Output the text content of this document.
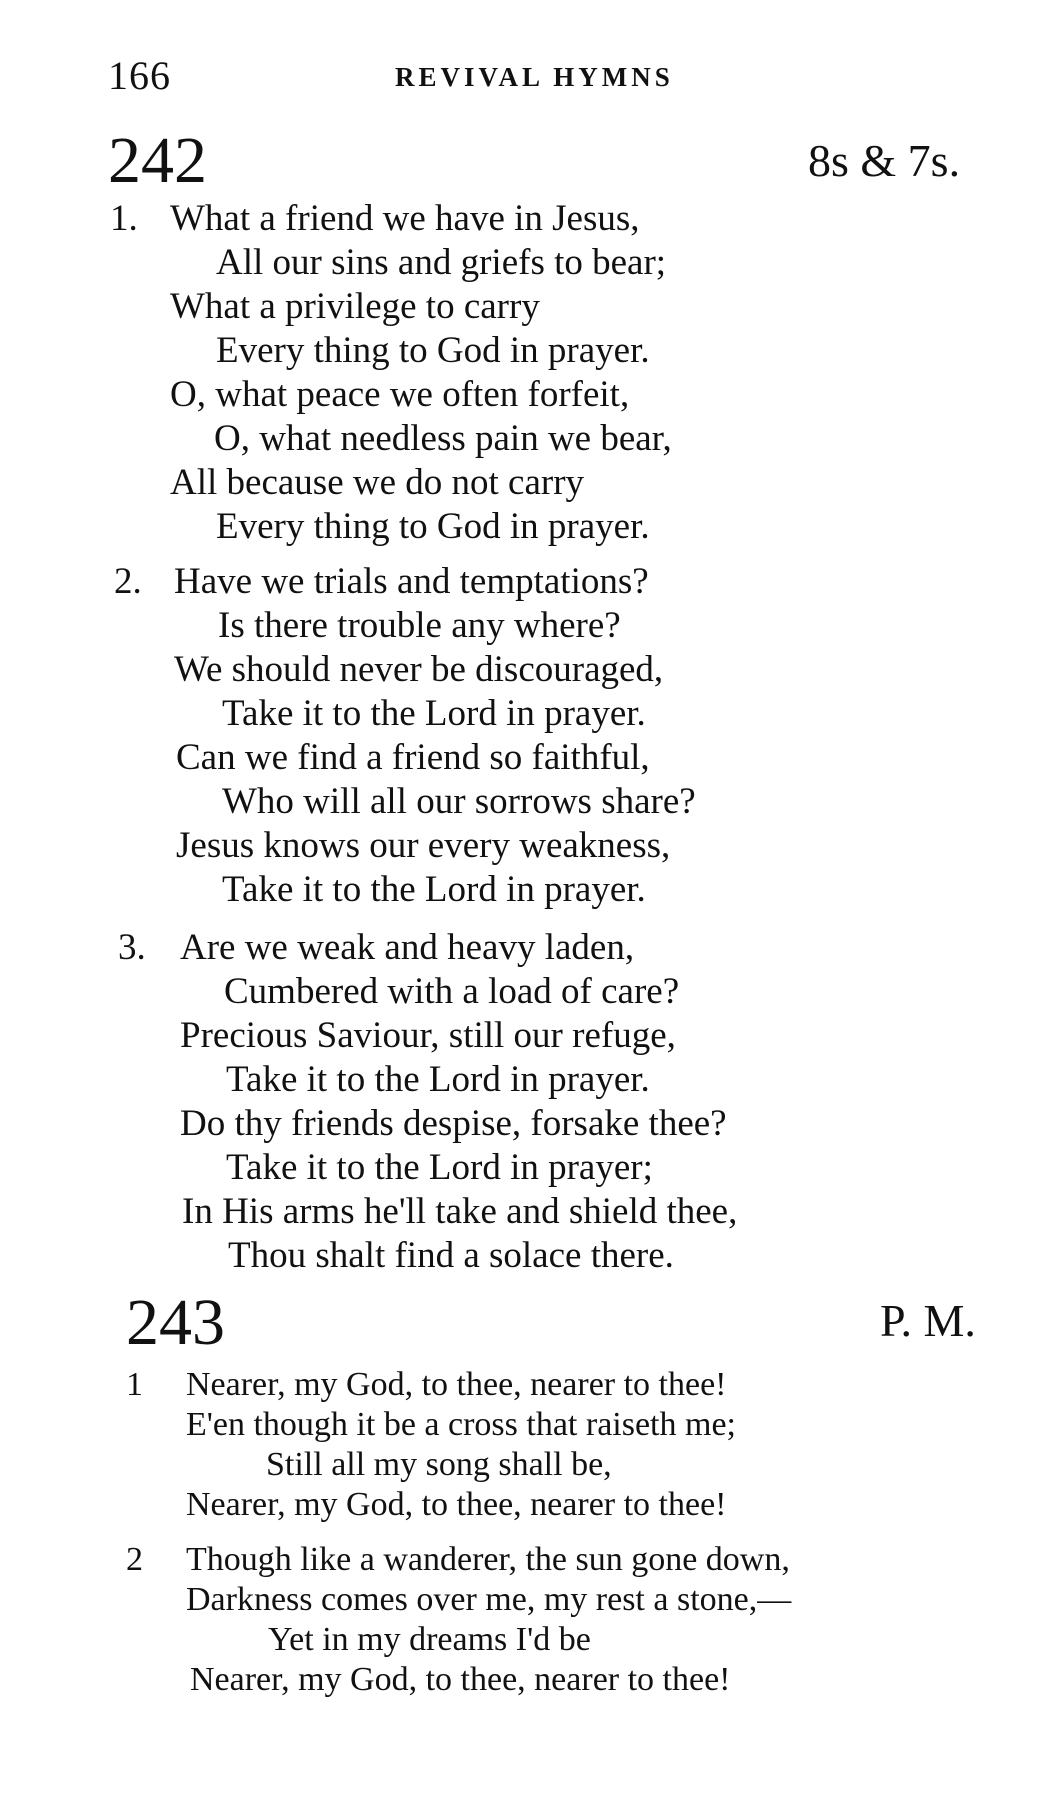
166	REVIVAL HYMNS
242	8s & 7s.
1. What a friend we have in Jesus,
All our sins and griefs to bear;
What a privilege to carry
Every thing to God in prayer.
O, what peace we often forfeit,
O, what needless pain we bear,
All because we do not carry
Every thing to God in prayer.
2. Have we trials and temptations?
Is there trouble any where?
We should never be discouraged,
Take it to the Lord in prayer.
Can we find a friend so faithful,
Who will all our sorrows share?
Jesus knows our every weakness,
Take it to the Lord in prayer.
3. Are we weak and heavy laden,
Cumbered with a load of care?
Precious Saviour, still our refuge,
Take it to the Lord in prayer.
Do thy friends despise, forsake thee?
Take it to the Lord in prayer;
In His arms he'll take and shield thee,
Thou shalt find a solace there.
243	P. M.
1 Nearer, my God, to thee, nearer to thee!
E'en though it be a cross that raiseth me;
Still all my song shall be,
Nearer, my God, to thee, nearer to thee!
2 Though like a wanderer, the sun gone down,
Darkness comes over me, my rest a stone,—
Yet in my dreams I'd be
Nearer, my God, to thee, nearer to thee!
